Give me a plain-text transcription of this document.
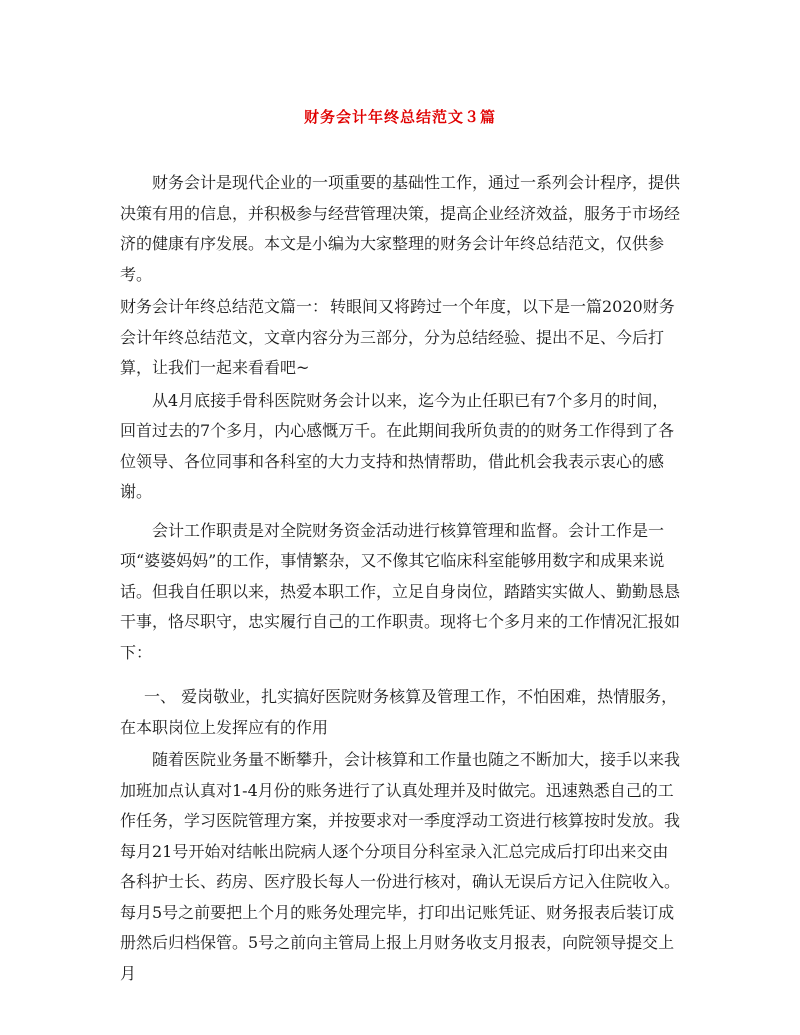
财务会计年终总结范文３篇

财务会计是现代企业的一项重要的基础性工作，通过一系列会计程序，提供决策有用的信息，并积极参与经营管理决策，提高企业经济效益，服务于市场经济的健康有序发展。本文是小编为大家整理的财务会计年终总结范文，仅供参考。

财务会计年终总结范文篇一： 转眼间又将跨过一个年度，以下是一篇2020财务会计年终总结范文，文章内容分为三部分，分为总结经验、提出不足、今后打算，让我们一起来看看吧~

从4月底接手骨科医院财务会计以来，迄今为止任职已有7个多月的时间，回首过去的7个多月，内心感慨万千。在此期间我所负责的的财务工作得到了各位领导、各位同事和各科室的大力支持和热情帮助，借此机会我表示衷心的感谢。

会计工作职责是对全院财务资金活动进行核算管理和监督。会计工作是一项“婆婆妈妈”的工作，事情繁杂，又不像其它临床科室能够用数字和成果来说话。但我自任职以来，热爱本职工作，立足自身岗位，踏踏实实做人、勤勤恳恳干事，恪尽职守，忠实履行自己的工作职责。现将七个多月来的工作情况汇报如下：

一、 爱岗敬业，扎实搞好医院财务核算及管理工作，不怕困难，热情服务，在本职岗位上发挥应有的作用

随着医院业务量不断攀升，会计核算和工作量也随之不断加大，接手以来我加班加点认真对1-4月份的账务进行了认真处理并及时做完。迅速熟悉自己的工作任务，学习医院管理方案，并按要求对一季度浮动工资进行核算按时发放。我每月21号开始对结帐出院病人逐个分项目分科室录入汇总完成后打印出来交由各科护士长、药房、医疗股长每人一份进行核对，确认无误后方记入住院收入。每月5号之前要把上个月的账务处理完毕，打印出记账凭证、财务报表后装订成册然后归档保管。5号之前向主管局上报上月财务收支月报表，向院领导提交上月
